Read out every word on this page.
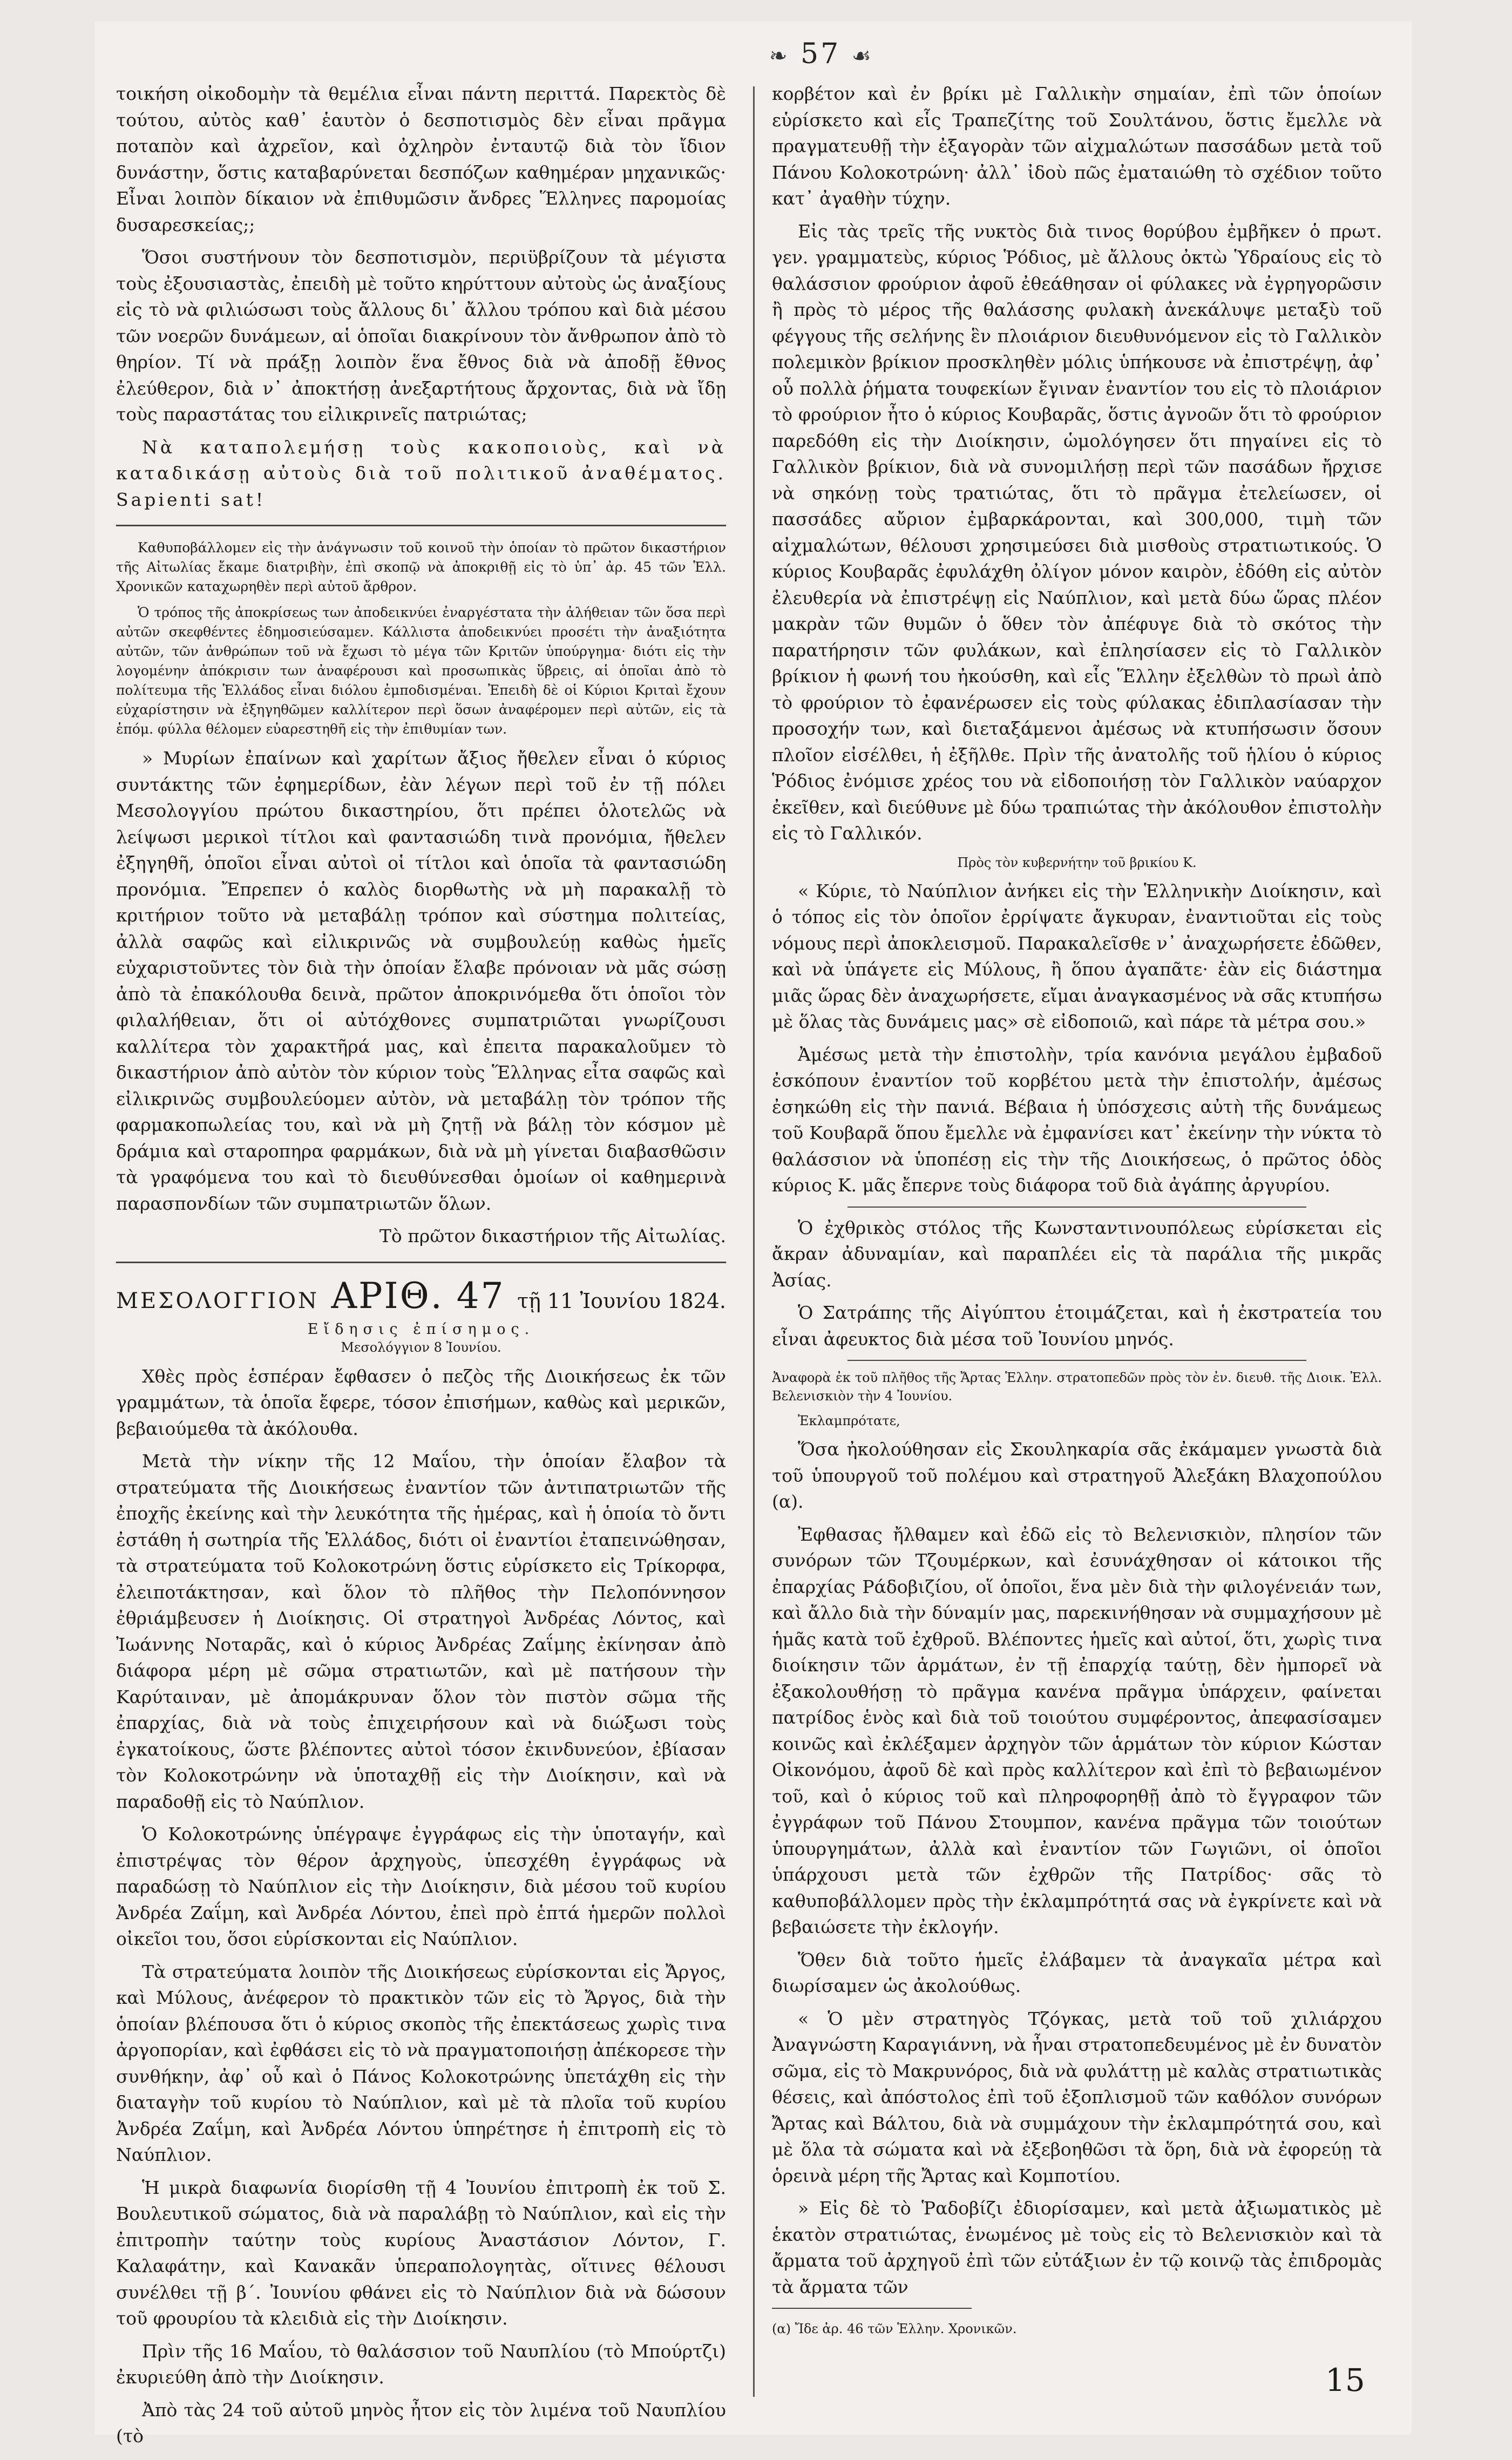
❧ 57 ☙

τοικήση οἰκοδομὴν τὰ θεμέλια εἶναι πάντη περιττά. Παρεκτὸς δὲ τούτου, αὐτὸς καθ᾿ ἑαυτὸν ὁ δεσποτισμὸς δὲν εἶναι πρᾶγμα ποταπὸν καὶ ἀχρεῖον, καὶ ὀχληρὸν ἐνταυτῷ διὰ τὸν ἴδιον δυνάστην, ὅστις καταβαρύνεται δεσπόζων καθημέραν μηχανικῶς· Εἶναι λοιπὸν δίκαιον νὰ ἐπιθυμῶσιν ἄνδρες Ἕλληνες παρομοίας δυσαρεσκείας;;

Ὅσοι συστήνουν τὸν δεσποτισμὸν, περιϋβρίζουν τὰ μέγιστα τοὺς ἐξουσιαστὰς, ἐπειδὴ μὲ τοῦτο κηρύττουν αὐτοὺς ὡς ἀναξίους εἰς τὸ νὰ φιλιώσωσι τοὺς ἄλλους δι᾿ ἄλλου τρόπου καὶ διὰ μέσου τῶν νοερῶν δυνάμεων, αἱ ὁποῖαι διακρίνουν τὸν ἄνθρωπον ἀπὸ τὸ θηρίον. Τί νὰ πράξῃ λοιπὸν ἕνα ἔθνος διὰ νὰ ἀποδῇ ἔθνος ἐλεύθερον, διὰ ν᾿ ἀποκτήσῃ ἀνεξαρτήτους ἄρχοντας, διὰ νὰ ἴδῃ τοὺς παραστάτας του εἰλικρινεῖς πατριώτας;

Νὰ καταπολεμήσῃ τοὺς κακοποιοὺς, καὶ νὰ καταδικάσῃ αὐτοὺς διὰ τοῦ πολιτικοῦ ἀναθέματος. Sapienti sat!

Καθυποβάλλομεν εἰς τὴν ἀνάγνωσιν τοῦ κοινοῦ τὴν ὁποίαν τὸ πρῶτον δικαστήριον τῆς Αἰτωλίας ἔκαμε διατριβὴν, ἐπὶ σκοπῷ νὰ ἀποκριθῇ εἰς τὸ ὑπ᾿ ἀρ. 45 τῶν Ἑλλ. Χρονικῶν καταχωρηθὲν περὶ αὐτοῦ ἄρθρον.

Ὁ τρόπος τῆς ἀποκρίσεως των ἀποδεικνύει ἐναργέστατα τὴν ἀλήθειαν τῶν ὅσα περὶ αὐτῶν σκεφθέντες ἐδημοσιεύσαμεν. Κάλλιστα ἀποδεικνύει προσέτι τὴν ἀναξιότητα αὐτῶν, τῶν ἀνθρώπων τοῦ νὰ ἔχωσι τὸ μέγα τῶν Κριτῶν ὑπούργημα· διότι εἰς τὴν λογομένην ἀπόκρισιν των ἀναφέρουσι καὶ προσωπικὰς ὕβρεις, αἱ ὁποῖαι ἀπὸ τὸ πολίτευμα τῆς Ἑλλάδος εἶναι διόλου ἐμποδισμέναι. Ἐπειδὴ δὲ οἱ Κύριοι Κριταὶ ἔχουν εὐχαρίστησιν νὰ ἐξηγηθῶμεν καλλίτερον περὶ ὅσων ἀναφέρομεν περὶ αὐτῶν, εἰς τὰ ἑπόμ. φύλλα θέλομεν εὐαρεστηθῆ εἰς τὴν ἐπιθυμίαν των.

» Μυρίων ἐπαίνων καὶ χαρίτων ἄξιος ἤθελεν εἶναι ὁ κύριος συντάκτης τῶν ἐφημερίδων, ἐὰν λέγων περὶ τοῦ ἐν τῇ πόλει Μεσολογγίου πρώτου δικαστηρίου, ὅτι πρέπει ὁλοτελῶς νὰ λείψωσι μερικοὶ τίτλοι καὶ φαντασιώδη τινὰ προνόμια, ἤθελεν ἐξηγηθῆ, ὁποῖοι εἶναι αὐτοὶ οἱ τίτλοι καὶ ὁποῖα τὰ φαντασιώδη προνόμια. Ἔπρεπεν ὁ καλὸς διορθωτὴς νὰ μὴ παρακαλῇ τὸ κριτήριον τοῦτο νὰ μεταβάλῃ τρόπον καὶ σύστημα πολιτείας, ἀλλὰ σαφῶς καὶ εἰλικρινῶς νὰ συμβουλεύῃ καθὼς ἡμεῖς εὐχαριστοῦντες τὸν διὰ τὴν ὁποίαν ἔλαβε πρόνοιαν νὰ μᾶς σώσῃ ἀπὸ τὰ ἐπακόλουθα δεινὰ, πρῶτον ἀποκρινόμεθα ὅτι ὁποῖοι τὸν φιλαλήθειαν, ὅτι οἱ αὐτόχθονες συμπατριῶται γνωρίζουσι καλλίτερα τὸν χαρακτῆρά μας, καὶ ἐπειτα παρακαλοῦμεν τὸ δικαστήριον ἀπὸ αὐτὸν τὸν κύριον τοὺς Ἕλληνας εἶτα σαφῶς καὶ εἰλικρινῶς συμβουλεύομεν αὐτὸν, νὰ μεταβάλῃ τὸν τρόπον τῆς φαρμακοπωλείας του, καὶ νὰ μὴ ζητῇ νὰ βάλῃ τὸν κόσμον μὲ δράμια καὶ σταροπηρα φαρμάκων, διὰ νὰ μὴ γίνεται διαβασθῶσιν τὰ γραφόμενα του καὶ τὸ διευθύνεσθαι ὁμοίων οἱ καθημερινὰ παρασπονδίων τῶν συμπατριωτῶν ὅλων.

Τὸ πρῶτον δικαστήριον τῆς Αἰτωλίας.

ΜΕΣΟΛΟΓΓΙΟΝ ΑΡΙΘ. 47 τῇ 11 Ἰουνίου 1824.
Εἴδησις ἐπίσημος.
Μεσολόγγιον 8 Ἰουνίου.

Χθὲς πρὸς ἑσπέραν ἔφθασεν ὁ πεζὸς τῆς Διοικήσεως ἐκ τῶν γραμμάτων, τὰ ὁποῖα ἔφερε, τόσον ἐπισήμων, καθὼς καὶ μερικῶν, βεβαιούμεθα τὰ ἀκόλουθα.

Μετὰ τὴν νίκην τῆς 12 Μαΐου, τὴν ὁποίαν ἔλαβον τὰ στρατεύματα τῆς Διοικήσεως ἐναντίον τῶν ἀντιπατριωτῶν τῆς ἐποχῆς ἐκείνης καὶ τὴν λευκότητα τῆς ἡμέρας, καὶ ἡ ὁποία τὸ ὄντι ἐστάθη ἡ σωτηρία τῆς Ἑλλάδος, διότι οἱ ἐναντίοι ἐταπεινώθησαν, τὰ στρατεύματα τοῦ Κολοκοτρώνη ὅστις εὑρίσκετο εἰς Τρίκορφα, ἐλειποτάκτησαν, καὶ ὅλον τὸ πλῆθος τὴν Πελοπόννησον ἐθριάμβευσεν ἡ Διοίκησις. Οἱ στρατηγοὶ Ἀνδρέας Λόντος, καὶ Ἰωάννης Νοταρᾶς, καὶ ὁ κύριος Ἀνδρέας Ζαΐμης ἐκίνησαν ἀπὸ διάφορα μέρη μὲ σῶμα στρατιωτῶν, καὶ μὲ πατήσουν τὴν Καρύταιναν, μὲ ἀπομάκρυναν ὅλον τὸν πιστὸν σῶμα τῆς ἐπαρχίας, διὰ νὰ τοὺς ἐπιχειρήσουν καὶ νὰ διώξωσι τοὺς ἐγκατοίκους, ὥστε βλέποντες αὐτοὶ τόσον ἐκινδυνεύον, ἐβίασαν τὸν Κολοκοτρώνην νὰ ὑποταχθῇ εἰς τὴν Διοίκησιν, καὶ νὰ παραδοθῇ εἰς τὸ Ναύπλιον.

Ὁ Κολοκοτρώνης ὑπέγραψε ἐγγράφως εἰς τὴν ὑποταγήν, καὶ ἐπιστρέψας τὸν θέρον ἀρχηγοὺς, ὑπεσχέθη ἐγγράφως νὰ παραδώσῃ τὸ Ναύπλιον εἰς τὴν Διοίκησιν, διὰ μέσου τοῦ κυρίου Ἀνδρέα Ζαΐμη, καὶ Ἀνδρέα Λόντου, ἐπεὶ πρὸ ἑπτά ἡμερῶν πολλοὶ οἰκεῖοι του, ὅσοι εὑρίσκονται εἰς Ναύπλιον.

Τὰ στρατεύματα λοιπὸν τῆς Διοικήσεως εὑρίσκονται εἰς Ἄργος, καὶ Μύλους, ἀνέφερον τὸ πρακτικὸν τῶν εἰς τὸ Ἄργος, διὰ τὴν ὁποίαν βλέπουσα ὅτι ὁ κύριος σκοπὸς τῆς ἐπεκτάσεως χωρὶς τινα ἀργοπορίαν, καὶ ἐφθάσει εἰς τὸ νὰ πραγματοποιήσῃ ἀπέκορεσε τὴν συνθήκην, ἀφ᾿ οὗ καὶ ὁ Πάνος Κολοκοτρώνης ὑπετάχθη εἰς τὴν διαταγὴν τοῦ κυρίου τὸ Ναύπλιον, καὶ μὲ τὰ πλοῖα τοῦ κυρίου Ἀνδρέα Ζαΐμη, καὶ Ἀνδρέα Λόντου ὑπηρέτησε ἡ ἐπιτροπὴ εἰς τὸ Ναύπλιον.

Ἡ μικρὰ διαφωνία διορίσθη τῇ 4 Ἰουνίου ἐπιτροπὴ ἐκ τοῦ Σ. Βουλευτικοῦ σώματος, διὰ νὰ παραλάβῃ τὸ Ναύπλιον, καὶ εἰς τὴν ἐπιτροπὴν ταύτην τοὺς κυρίους Ἀναστάσιον Λόντον, Γ. Καλαφάτην, καὶ Κανακᾶν ὑπεραπολογητὰς, οἵτινες θέλουσι συνέλθει τῇ β΄. Ἰουνίου φθάνει εἰς τὸ Ναύπλιον διὰ νὰ δώσουν τοῦ φρουρίου τὰ κλειδιὰ εἰς τὴν Διοίκησιν.

Πρὶν τῆς 16 Μαΐου, τὸ θαλάσσιον τοῦ Ναυπλίου (τὸ Μπούρτζι) ἐκυριεύθη ἀπὸ τὴν Διοίκησιν.

Ἀπὸ τὰς 24 τοῦ αὐτοῦ μηνὸς ἦτον εἰς τὸν λιμένα τοῦ Ναυπλίου (τὸ

κορβέτον καὶ ἐν βρίκι μὲ Γαλλικὴν σημαίαν, ἐπὶ τῶν ὁποίων εὑρίσκετο καὶ εἷς Τραπεζίτης τοῦ Σουλτάνου, ὅστις ἔμελλε νὰ πραγματευθῇ τὴν ἐξαγορὰν τῶν αἰχμαλώτων πασσάδων μετὰ τοῦ Πάνου Κολοκοτρώνη· ἀλλ᾿ ἰδοὺ πῶς ἐματαιώθη τὸ σχέδιον τοῦτο κατ᾿ ἀγαθὴν τύχην.

Εἰς τὰς τρεῖς τῆς νυκτὸς διὰ τινος θορύβου ἐμβῆκεν ὁ πρωτ. γεν. γραμματεὺς, κύριος Ῥόδιος, μὲ ἄλλους ὀκτὼ Ὑδραίους εἰς τὸ θαλάσσιον φρούριον ἀφοῦ ἐθεάθησαν οἱ φύλακες νὰ ἐγρηγορῶσιν ἢ πρὸς τὸ μέρος τῆς θαλάσσης φυλακὴ ἀνεκάλυψε μεταξὺ τοῦ φέγγους τῆς σελήνης ἓν πλοιάριον διευθυνόμενον εἰς τὸ Γαλλικὸν πολεμικὸν βρίκιον προσκληθὲν μόλις ὑπήκουσε νὰ ἐπιστρέψῃ, ἀφ᾿ οὗ πολλὰ ῥήματα τουφεκίων ἔγιναν ἐναντίον του εἰς τὸ πλοιάριον τὸ φρούριον ἦτο ὁ κύριος Κουβαρᾶς, ὅστις ἀγνοῶν ὅτι τὸ φρούριον παρεδόθη εἰς τὴν Διοίκησιν, ὡμολόγησεν ὅτι πηγαίνει εἰς τὸ Γαλλικὸν βρίκιον, διὰ νὰ συνομιλήσῃ περὶ τῶν πασάδων ἤρχισε νὰ σηκόνῃ τοὺς τρατιώτας, ὅτι τὸ πρᾶγμα ἐτελείωσεν, οἱ πασσάδες αὔριον ἐμβαρκάρονται, καὶ 300,000, τιμὴ τῶν αἰχμαλώτων, θέλουσι χρησιμεύσει διὰ μισθοὺς στρατιωτικούς. Ὁ κύριος Κουβαρᾶς ἐφυλάχθη ὀλίγον μόνον καιρὸν, ἐδόθη εἰς αὐτὸν ἐλευθερία νὰ ἐπιστρέψῃ εἰς Ναύπλιον, καὶ μετὰ δύω ὥρας πλέον μακρὰν τῶν θυμῶν ὁ ὅθεν τὸν ἀπέφυγε διὰ τὸ σκότος τὴν παρατήρησιν τῶν φυλάκων, καὶ ἐπλησίασεν εἰς τὸ Γαλλικὸν βρίκιον ἡ φωνή του ἠκούσθη, καὶ εἷς Ἕλλην ἐξελθὼν τὸ πρωὶ ἀπὸ τὸ φρούριον τὸ ἐφανέρωσεν εἰς τοὺς φύλακας ἐδιπλασίασαν τὴν προσοχήν των, καὶ διεταξάμενοι ἀμέσως νὰ κτυπήσωσιν ὅσουν πλοῖον εἰσέλθει, ἡ ἐξῆλθε. Πρὶν τῆς ἀνατολῆς τοῦ ἡλίου ὁ κύριος Ῥόδιος ἐνόμισε χρέος του νὰ εἰδοποιήσῃ τὸν Γαλλικὸν ναύαρχον ἐκεῖθεν, καὶ διεύθυνε μὲ δύω τραπιώτας τὴν ἀκόλουθον ἐπιστολὴν εἰς τὸ Γαλλικόν.

Πρὸς τὸν κυβερνήτην τοῦ βρικίου Κ.

« Κύριε, τὸ Ναύπλιον ἀνήκει εἰς τὴν Ἑλληνικὴν Διοίκησιν, καὶ ὁ τόπος εἰς τὸν ὁποῖον ἐρρίψατε ἄγκυραν, ἐναντιοῦται εἰς τοὺς νόμους περὶ ἀποκλεισμοῦ. Παρακαλεῖσθε ν᾿ ἀναχωρήσετε ἐδῶθεν, καὶ νὰ ὑπάγετε εἰς Μύλους, ἢ ὅπου ἀγαπᾶτε· ἐὰν εἰς διάστημα μιᾶς ὥρας δὲν ἀναχωρήσετε, εἴμαι ἀναγκασμένος νὰ σᾶς κτυπήσω μὲ ὅλας τὰς δυνάμεις μας» σὲ εἰδοποιῶ, καὶ πάρε τὰ μέτρα σου.»

Ἀμέσως μετὰ τὴν ἐπιστολὴν, τρία κανόνια μεγάλου ἐμβαδοῦ ἐσκόπουν ἐναντίον τοῦ κορβέτου μετὰ τὴν ἐπιστολήν, ἀμέσως ἐσηκώθη εἰς τὴν πανιά. Βέβαια ἡ ὑπόσχεσις αὐτὴ τῆς δυνάμεως τοῦ Κουβαρᾶ ὅπου ἔμελλε νὰ ἐμφανίσει κατ᾿ ἐκείνην τὴν νύκτα τὸ θαλάσσιον νὰ ὑποπέσῃ εἰς τὴν τῆς Διοικήσεως, ὁ πρῶτος ὁδὸς κύριος Κ. μᾶς ἔπερνε τοὺς διάφορα τοῦ διὰ ἀγάπης ἀργυρίου.

Ὁ ἐχθρικὸς στόλος τῆς Κωνσταντινουπόλεως εὑρίσκεται εἰς ἄκραν ἀδυναμίαν, καὶ παραπλέει εἰς τὰ παράλια τῆς μικρᾶς Ἀσίας.

Ὁ Σατράπης τῆς Αἰγύπτου ἑτοιμάζεται, καὶ ἡ ἐκστρατεία του εἶναι ἀφευκτος διὰ μέσα τοῦ Ἰουνίου μηνός.

Ἀναφορὰ ἐκ τοῦ πλῆθος τῆς Ἄρτας Ἑλλην. στρατοπεδῶν πρὸς τὸν ἐν. διευθ. τῆς Διοικ. Ἐλλ. Βελενισκιὸν τὴν 4 Ἰουνίου.

Ἐκλαμπρότατε,

Ὅσα ἠκολούθησαν εἰς Σκουληκαρία σᾶς ἐκάμαμεν γνωστὰ διὰ τοῦ ὑπουργοῦ τοῦ πολέμου καὶ στρατηγοῦ Ἀλεξάκη Βλαχοπούλου (α).

Ἐφθασας ἤλθαμεν καὶ ἐδῶ εἰς τὸ Βελενισκιὸν, πλησίον τῶν συνόρων τῶν Τζουμέρκων, καὶ ἐσυνάχθησαν οἱ κάτοικοι τῆς ἐπαρχίας Ράδοβιζίου, οἵ ὁποῖοι, ἕνα μὲν διὰ τὴν φιλογένειάν των, καὶ ἄλλο διὰ τὴν δύναμίν μας, παρεκινήθησαν νὰ συμμαχήσουν μὲ ἡμᾶς κατὰ τοῦ ἐχθροῦ. Βλέποντες ἡμεῖς καὶ αὐτοί, ὅτι, χωρὶς τινα διοίκησιν τῶν ἁρμάτων, ἐν τῇ ἐπαρχίᾳ ταύτῃ, δὲν ἠμπορεῖ νὰ ἐξακολουθήσῃ τὸ πρᾶγμα κανένα πρᾶγμα ὑπάρχειν, φαίνεται πατρίδος ἑνὸς καὶ διὰ τοῦ τοιούτου συμφέροντος, ἀπεφασίσαμεν κοινῶς καὶ ἐκλέξαμεν ἀρχηγὸν τῶν ἁρμάτων τὸν κύριον Κώσταν Οἰκονόμου, ἀφοῦ δὲ καὶ πρὸς καλλίτερον καὶ ἐπὶ τὸ βεβαιωμένον τοῦ, καὶ ὁ κύριος τοῦ καὶ πληροφορηθῇ ἀπὸ τὸ ἔγγραφον τῶν ἐγγράφων τοῦ Πάνου Στουμπον, κανένα πρᾶγμα τῶν τοιούτων ὑπουργημάτων, ἀλλὰ καὶ ἐναντίον τῶν Γωγιῶνι, οἱ ὁποῖοι ὑπάρχουσι μετὰ τῶν ἐχθρῶν τῆς Πατρίδος· σᾶς τὸ καθυποβάλλομεν πρὸς τὴν ἐκλαμπρότητά σας νὰ ἐγκρίνετε καὶ νὰ βεβαιώσετε τὴν ἐκλογήν.

Ὅθεν διὰ τοῦτο ἡμεῖς ἐλάβαμεν τὰ ἀναγκαῖα μέτρα καὶ διωρίσαμεν ὡς ἀκολούθως.

« Ὁ μὲν στρατηγὸς Τζόγκας, μετὰ τοῦ τοῦ χιλιάρχου Ἀναγνώστη Καραγιάννη, νὰ ἦναι στρατοπεδευμένος μὲ ἐν δυνατὸν σῶμα, εἰς τὸ Μακρυνόρος, διὰ νὰ φυλάττῃ μὲ καλὰς στρατιωτικὰς θέσεις, καὶ ἀπόστολος ἐπὶ τοῦ ἐξοπλισμοῦ τῶν καθόλον συνόρων Ἄρτας καὶ Βάλτου, διὰ νὰ συμμάχουν τὴν ἐκλαμπρότητά σου, καὶ μὲ ὅλα τὰ σώματα καὶ νὰ ἐξεβοηθῶσι τὰ ὅρη, διὰ νὰ ἐφορεύῃ τὰ ὁρεινὰ μέρη τῆς Ἄρτας καὶ Κομποτίου.

» Εἰς δὲ τὸ Ῥαδοβίζι ἐδιορίσαμεν, καὶ μετὰ ἀξιωματικὸς μὲ ἑκατὸν στρατιώτας, ἑνωμένος μὲ τοὺς εἰς τὸ Βελενισκιὸν καὶ τὰ ἄρματα τοῦ ἀρχηγοῦ ἐπὶ τῶν εὐτάξιων ἐν τῷ κοινῷ τὰς ἐπιδρομὰς τὰ ἄρματα τῶν

(α) Ἴδε ἀρ. 46 τῶν Ἑλλην. Χρονικῶν.
15
